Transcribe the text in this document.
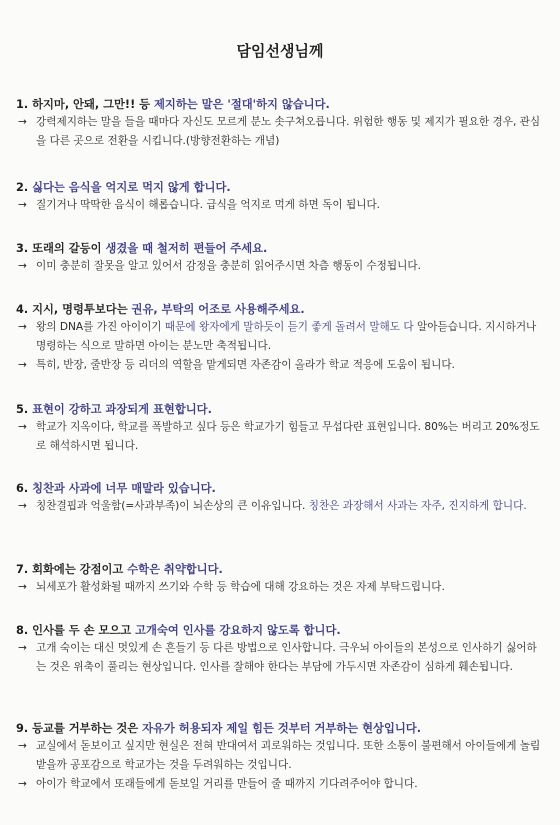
담임선생님께
1. 하지마, 안돼, 그만!! 등 제지하는 말은 '절대'하지 않습니다.
→ 강력제지하는 말을 들을 때마다 자신도 모르게 분노 솟구쳐오릅니다. 위험한 행동 및 제지가 필요한 경우, 관심을 다른 곳으로 전환을 시킵니다.(방향전환하는 개념)
2. 싫다는 음식을 억지로 먹지 않게 합니다.
→ 질기거나 딱딱한 음식이 해롭습니다. 급식을 억지로 먹게 하면 독이 됩니다.
3. 또래의 갈등이 생겼을 때 철저히 편들어 주세요.
→ 이미 충분히 잘못을 알고 있어서 감정을 충분히 읽어주시면 차츰 행동이 수정됩니다.
4. 지시, 명령투보다는 권유, 부탁의 어조로 사용해주세요.
→ 왕의 DNA를 가진 아이이기 때문에 왕자에게 말하듯이 듣기 좋게 돌려서 말해도 다 알아듣습니다. 지시하거나 명령하는 식으로 말하면 아이는 분노만 축적됩니다.
→ 특히, 반장, 줄반장 등 리더의 역할을 맡게되면 자존감이 올라가 학교 적응에 도움이 됩니다.
5. 표현이 강하고 과장되게 표현합니다.
→ 학교가 지옥이다, 학교를 폭발하고 싶다 등은 학교가기 힘들고 무섭다란 표현입니다. 80%는 버리고 20%정도로 해석하시면 됩니다.
6. 칭찬과 사과에 너무 매말라 있습니다.
→ 칭찬결핍과 억울함(=사과부족)이 뇌손상의 큰 이유입니다. 칭찬은 과장해서 사과는 자주, 진지하게 합니다.
7. 회화에는 강점이고 수학은 취약합니다.
→ 뇌세포가 활성화될 때까지 쓰기와 수학 등 학습에 대해 강요하는 것은 자제 부탁드립니다.
8. 인사를 두 손 모으고 고개숙여 인사를 강요하지 않도록 합니다.
→ 고개 숙이는 대신 멋있게 손 흔들기 등 다른 방법으로 인사합니다. 극우뇌 아이들의 본성으로 인사하기 싫어하는 것은 위축이 풀리는 현상입니다. 인사를 잘해야 한다는 부담에 가두시면 자존감이 심하게 훼손됩니다.
9. 등교를 거부하는 것은 자유가 허용되자 제일 힘든 것부터 거부하는 현상입니다.
→ 교실에서 돋보이고 싶지만 현실은 전혀 반대여서 괴로워하는 것입니다. 또한 소통이 불편해서 아이들에게 놀림받을까 공포감으로 학교가는 것을 두려워하는 것입니다.
→ 아이가 학교에서 또래들에게 돋보일 거리를 만들어 줄 때까지 기다려주어야 합니다.
